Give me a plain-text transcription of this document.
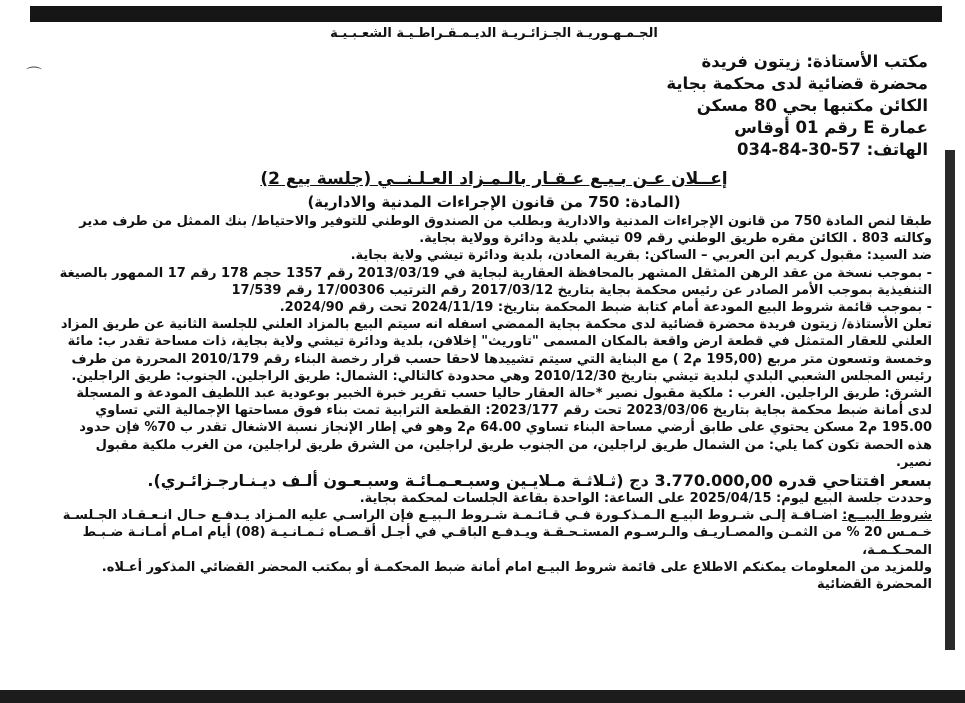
⌒
الجـمـهـوريـة الجـزائـريـة الديـمـقـراطـيـة الشعـبـيـة
مكتب الأستاذة: زيتون فريدة
محضرة قضائية لدى محكمة بجاية
الكائن مكتبها بحي 80 مسكن
عمارة E رقم 01 أوقاس
الهاتف: 034-84-30-57
إعــلان عـن بـيـع عـقـار بالـمـزاد العـلـنــي (جلسة بيع 2)
(المادة: 750 من قانون الإجراءات المدنية والادارية)

طبقا لنص المادة 750 من قانون الإجراءات المدنية والادارية وبطلب من الصندوق الوطني للتوفير والاحتياط/ بنك الممثل من طرف مدير وكالته 803 . الكائن مقره طريق الوطني رقم 09 تيشي بلدية ودائرة وولاية بجاية.

ضد السيد: مقبول كريم ابن العربي – الساكن: بقرية المعادن، بلدية ودائرة تيشي ولاية بجاية.

- بموجب نسخة من عقد الرهن المثقل المشهر بالمحافظة العقارية لبجاية في 2013/03/19 رقم 1357 حجم 178 رقم 17 الممهور بالصيغة التنفيذية بموجب الأمر الصادر عن رئيس محكمة بجاية بتاريخ 2017/03/12 رقم الترتيب 17/00306 رقم 17/539

- بموجب قائمة شروط البيع المودعة أمام كتابة ضبط المحكمة بتاريخ: 2024/11/19 تحت رقم 2024/90.

تعلن الأستاذة/ زيتون فريدة محضرة قضائية لدى محكمة بجاية الممضي اسفله انه سيتم البيع بالمزاد العلني للجلسة الثانية عن طريق المزاد العلني للعقار المتمثل في قطعة ارض واقعة بالمكان المسمى "تاوريث" إخلافن، بلدية ودائرة تيشي ولاية بجاية، ذات مساحة تقدر ب: مائة وخمسة وتسعون متر مربع (195,00 م2 ) مع البناية التي سيتم تشييدها لاحقا حسب قرار رخصة البناء رقم 2010/179 المحررة من طرف رئيس المجلس الشعبي البلدي لبلدية تيشي بتاريخ 2010/12/30 وهي محدودة كالتالي: الشمال: طريق الراجلين. الجنوب: طريق الراجلين. الشرق: طريق الراجلين. الغرب : ملكية مقبول نصير *حالة العقار حاليا حسب تقرير خبرة الخبير بوعودية عبد اللطيف المودعة و المسجلة لدى أمانة ضبط محكمة بجاية بتاريخ 2023/03/06 تحت رقم 2023/177: القطعة الترابية تمت بناء فوق مساحتها الإجمالية التي تساوي 195.00 م2 مسكن يحتوي على طابق أرضي مساحة البناء تساوي 64.00 م2 وهو في إطار الإنجاز نسبة الاشغال تقدر ب 70% فإن حدود هذه الحصة تكون كما يلي: من الشمال طريق لراجلين، من الجنوب طريق لراجلين، من الشرق طريق لراجلين، من الغرب ملكية مقبول نصير.

بسعر افتتاحي قدره 3.770.000,00 دج (ثـلاثـة مـلايـين وسبـعـمـائـة وسبـعـون ألـف ديـنـارجـزائـري).

وحددت جلسة البيع ليوم: 2025/04/15 على الساعة: الواحدة بقاعة الجلسات لمحكمة بجاية.

شروط البيــع: اضـافـة إلـى شـروط البيـع الـمـذكـورة فـي قـائـمـة شـروط الـبيـع فإن الراسـي عليه المـزاد يـدفـع حـال انـعـقـاد الجـلسـة خـمـس 20 % من الثمـن والمصـاريـف والـرسـوم المستـحـقـة ويـدفـع الباقـي في أجـل أقـصـاه ثـمـانـيـة (08) أيام امـام أمـانـة ضـبـط المحـكـمـة،

وللمزيد من المعلومات يمكنكم الاطلاع على قائمة شروط البيـع امام أمانة ضبط المحكمـة أو بمكتب المحضر القضائي المذكور أعـلاه.

المحضرة القضائية
